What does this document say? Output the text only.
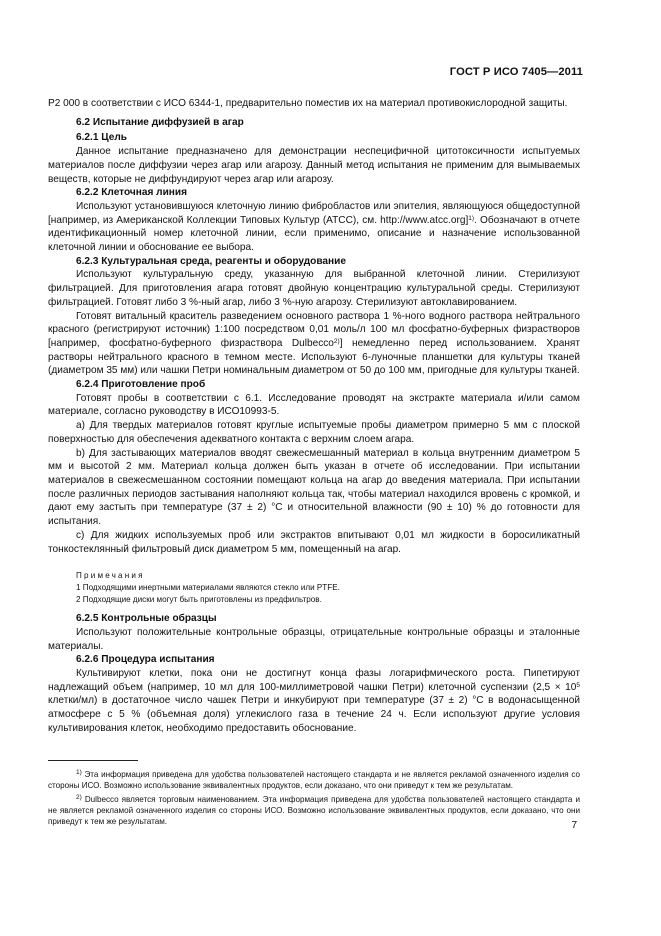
ГОСТ Р ИСО 7405—2011

P2 000 в соответствии с ИСО 6344-1, предварительно поместив их на материал противокислородной защиты.

6.2 Испытание диффузией в агар

6.2.1 Цель

Данное испытание предназначено для демонстрации неспецифичной цитотоксичности испытуемых материалов после диффузии через агар или агарозу. Данный метод испытания не применим для вымываемых веществ, которые не диффундируют через агар или агарозу.

6.2.2 Клеточная линия

Используют установившуюся клеточную линию фибробластов или эпителия, являющуюся общедоступной [например, из Американской Коллекции Типовых Культур (АТСС), см. http://www.atcc.org]$^{1)}$. Обозначают в отчете идентификационный номер клеточной линии, если применимо, описание и назначение использованной клеточной линии и обоснование ее выбора.

6.2.3 Культуральная среда, реагенты и оборудование

Используют культуральную среду, указанную для выбранной клеточной линии. Стерилизуют фильтрацией. Для приготовления агара готовят двойную концентрацию культуральной среды. Стерилизуют фильтрацией. Готовят либо 3 %-ный агар, либо 3 %-ную агарозу. Стерилизуют автоклавированием.

Готовят витальный краситель разведением основного раствора 1 %-ного водного раствора нейтрального красного (регистрируют источник) 1:100 посредством 0,01 моль/л 100 мл фосфатно-буферных физрастворов [например, фосфатно-буферного физраствора Dulbecco$^{2)}$] немедленно перед использованием. Хранят растворы нейтрального красного в темном месте. Используют 6-луночные планшетки для культуры тканей (диаметром 35 мм) или чашки Петри номинальным диаметром от 50 до 100 мм, пригодные для культуры тканей.

6.2.4 Приготовление проб

Готовят пробы в соответствии с 6.1. Исследование проводят на экстракте материала и/или самом материале, согласно руководству в ИСО10993-5.

a) Для твердых материалов готовят круглые испытуемые пробы диаметром примерно 5 мм с плоской поверхностью для обеспечения адекватного контакта с верхним слоем агара.

b) Для застывающих материалов вводят свежесмешанный материал в кольца внутренним диаметром 5 мм и высотой 2 мм. Материал кольца должен быть указан в отчете об исследовании. При испытании материалов в свежесмешанном состоянии помещают кольца на агар до введения материала. При испытании после различных периодов застывания наполняют кольца так, чтобы материал находился вровень с кромкой, и дают ему застыть при температуре (37 ± 2) °С и относительной влажности (90 ± 10) % до готовности для испытания.

c) Для жидких используемых проб или экстрактов впитывают 0,01 мл жидкости в боросиликатный тонкостеклянный фильтровый диск диаметром 5 мм, помещенный на агар.

Примечания
1 Подходящими инертными материалами являются стекло или PTFE.
2 Подходящие диски могут быть приготовлены из предфильтров.

6.2.5 Контрольные образцы

Используют положительные контрольные образцы, отрицательные контрольные образцы и эталонные материалы.

6.2.6 Процедура испытания

Культивируют клетки, пока они не достигнут конца фазы логарифмического роста. Пипетируют надлежащий объем (например, 10 мл для 100-миллиметровой чашки Петри) клеточной суспензии ($2,5 \times 10^5$ клетки/мл) в достаточное число чашек Петри и инкубируют при температуре (37 ± 2) °С в водонасыщенной атмосфере с 5 % (объемная доля) углекислого газа в течение 24 ч. Если используют другие условия культивирования клеток, необходимо предоставить обоснование.

$^{1)}$ Эта информация приведена для удобства пользователей настоящего стандарта и не является рекламой означенного изделия со стороны ИСО. Возможно использование эквивалентных продуктов, если доказано, что они приведут к тем же результатам.

$^{2)}$ Dulbecco является торговым наименованием. Эта информация приведена для удобства пользователей настоящего стандарта и не является рекламой означенного изделия со стороны ИСО. Возможно использование эквивалентных продуктов, если доказано, что они приведут к тем же результатам.	7
